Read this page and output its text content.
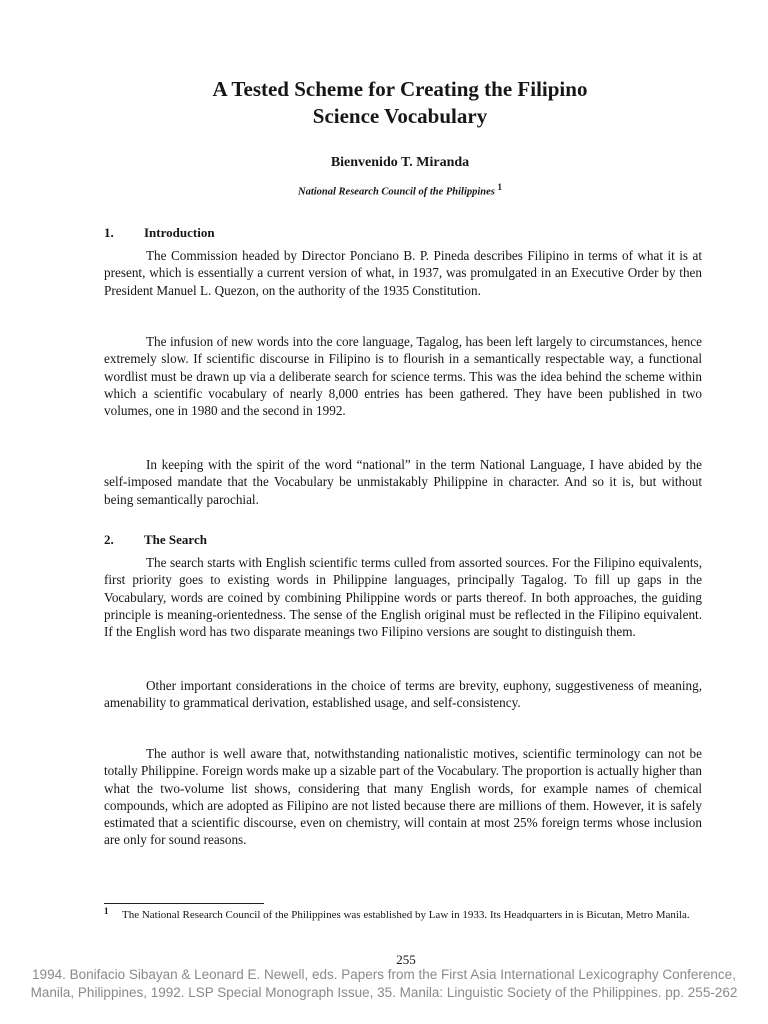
A Tested Scheme for Creating the Filipino
Science Vocabulary

Bienvenido T. Miranda

National Research Council of the Philippines $^1$

1. Introduction

The Commission headed by Director Ponciano B. P. Pineda describes Filipino in terms of what it is at present, which is essentially a current version of what, in 1937, was promulgated in an Executive Order by then President Manuel L. Quezon, on the authority of the 1935 Constitution.

The infusion of new words into the core language, Tagalog, has been left largely to circumstances, hence extremely slow. If scientific discourse in Filipino is to flourish in a semantically respectable way, a functional wordlist must be drawn up via a deliberate search for science terms. This was the idea behind the scheme within which a scientific vocabulary of nearly 8,000 entries has been gathered. They have been published in two volumes, one in 1980 and the second in 1992.

In keeping with the spirit of the word “national” in the term National Language, I have abided by the self-imposed mandate that the Vocabulary be unmistakably Philippine in character. And so it is, but without being semantically parochial.

2. The Search

The search starts with English scientific terms culled from assorted sources. For the Filipino equivalents, first priority goes to existing words in Philippine languages, principally Tagalog. To fill up gaps in the Vocabulary, words are coined by combining Philippine words or parts thereof. In both approaches, the guiding principle is meaning-orientedness. The sense of the English original must be reflected in the Filipino equivalent. If the English word has two disparate meanings two Filipino versions are sought to distinguish them.

Other important considerations in the choice of terms are brevity, euphony, suggestiveness of meaning, amenability to grammatical derivation, established usage, and self-consistency.

The author is well aware that, notwithstanding nationalistic motives, scientific terminology can not be totally Philippine. Foreign words make up a sizable part of the Vocabulary. The proportion is actually higher than what the two-volume list shows, considering that many English words, for example names of chemical compounds, which are adopted as Filipino are not listed because there are millions of them. However, it is safely estimated that a scientific discourse, even on chemistry, will contain at most 25% foreign terms whose inclusion are only for sound reasons.

1 The National Research Council of the Philippines was established by Law in 1933. Its Headquarters in is Bicutan, Metro Manila.

255

1994. Bonifacio Sibayan & Leonard E. Newell, eds. Papers from the First Asia International Lexicography Conference,
Manila, Philippines, 1992. LSP Special Monograph Issue, 35. Manila: Linguistic Society of the Philippines. pp. 255-262
